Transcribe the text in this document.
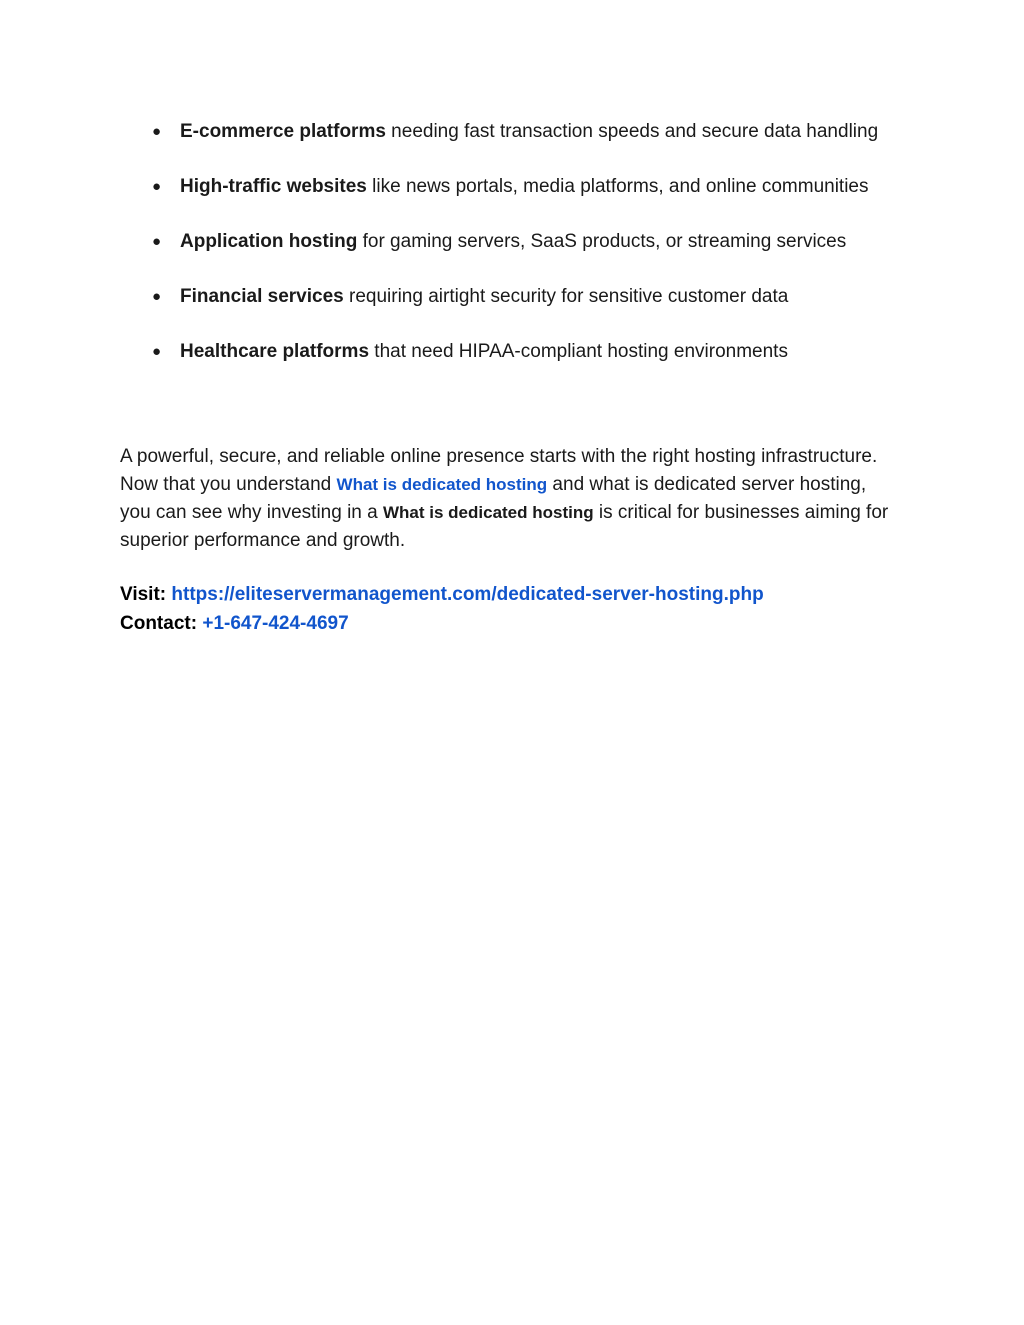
● E-commerce platforms needing fast transaction speeds and secure data handling
● High-traffic websites like news portals, media platforms, and online communities
● Application hosting for gaming servers, SaaS products, or streaming services
● Financial services requiring airtight security for sensitive customer data
● Healthcare platforms that need HIPAA-compliant hosting environments

A powerful, secure, and reliable online presence starts with the right hosting infrastructure. Now that you understand What is dedicated hosting and what is dedicated server hosting, you can see why investing in a What is dedicated hosting is critical for businesses aiming for superior performance and growth.

Visit: https://eliteservermanagement.com/dedicated-server-hosting.php
Contact: +1-647-424-4697
